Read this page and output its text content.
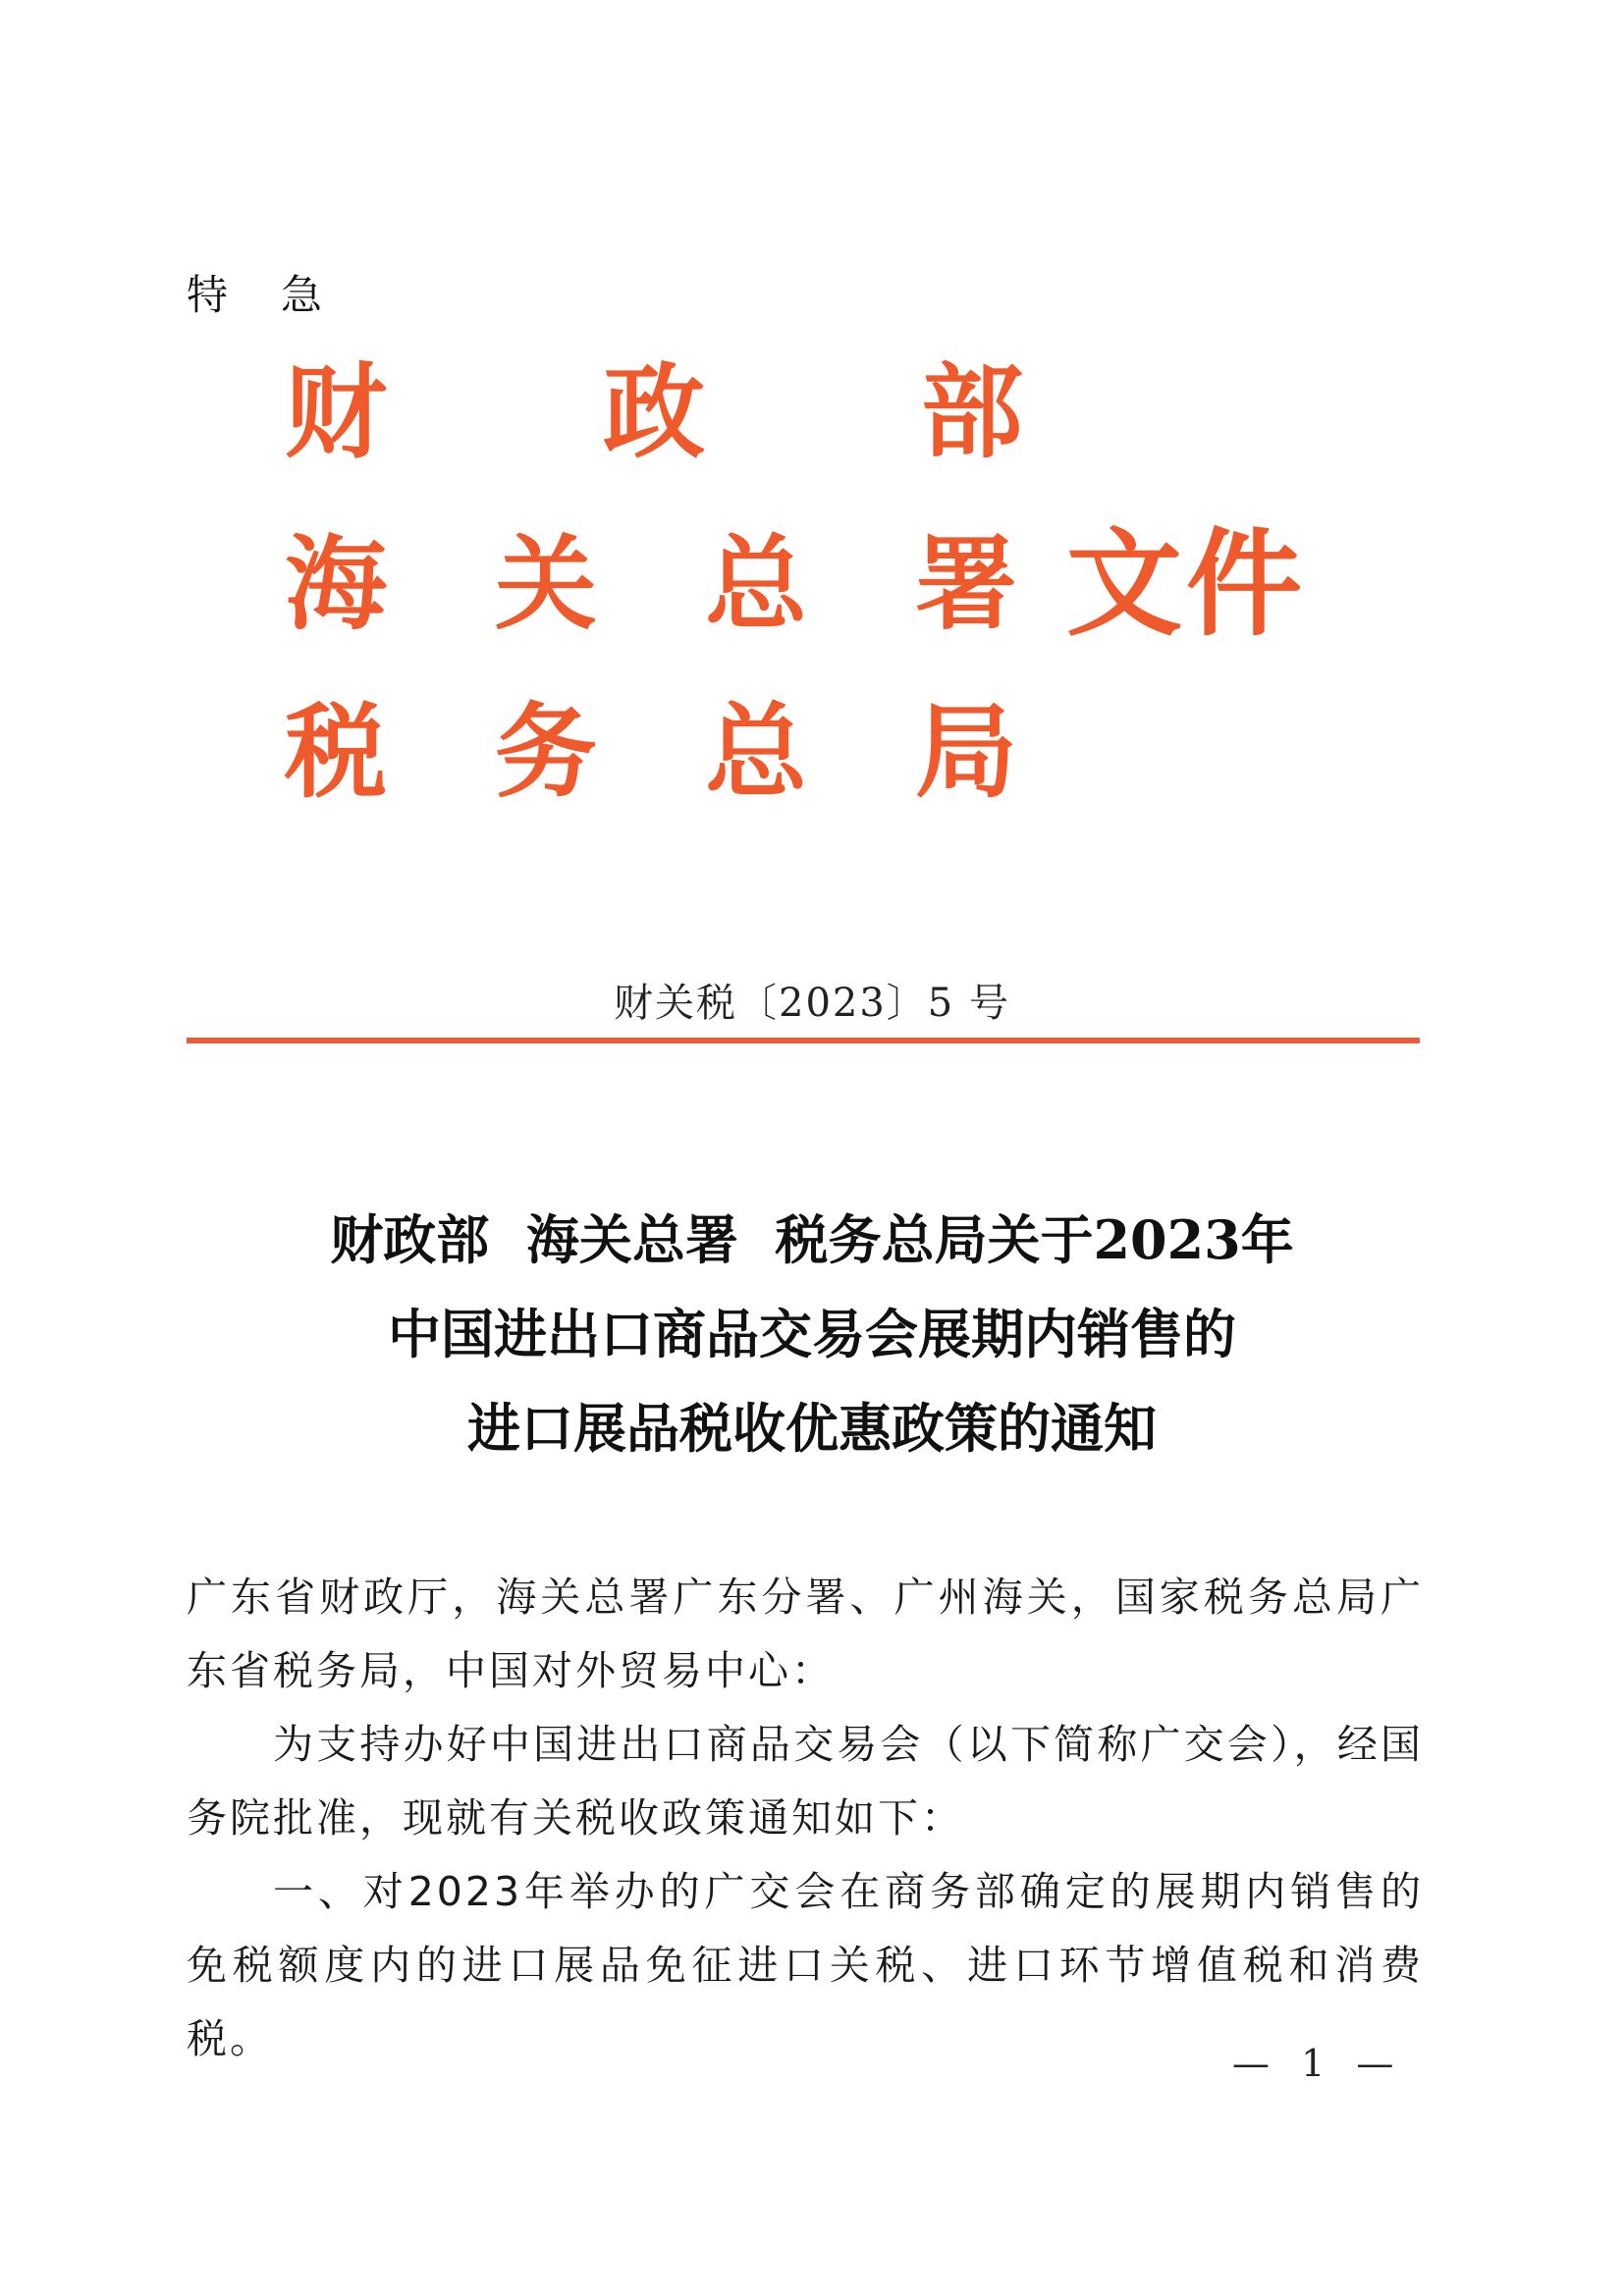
特急
财 政 部
海 关 总 署 文件
税 务 总 局
财关税〔2023〕5 号
财政部  海关总署  税务总局关于2023年
中国进出口商品交易会展期内销售的
进口展品税收优惠政策的通知

广东省财政厅，海关总署广东分署、广州海关，国家税务总局广东省税务局，中国对外贸易中心：

为支持办好中国进出口商品交易会（以下简称广交会），经国务院批准，现就有关税收政策通知如下：

一、对2023年举办的广交会在商务部确定的展期内销售的免税额度内的进口展品免征进口关税、进口环节增值税和消费税。

— 1 —
